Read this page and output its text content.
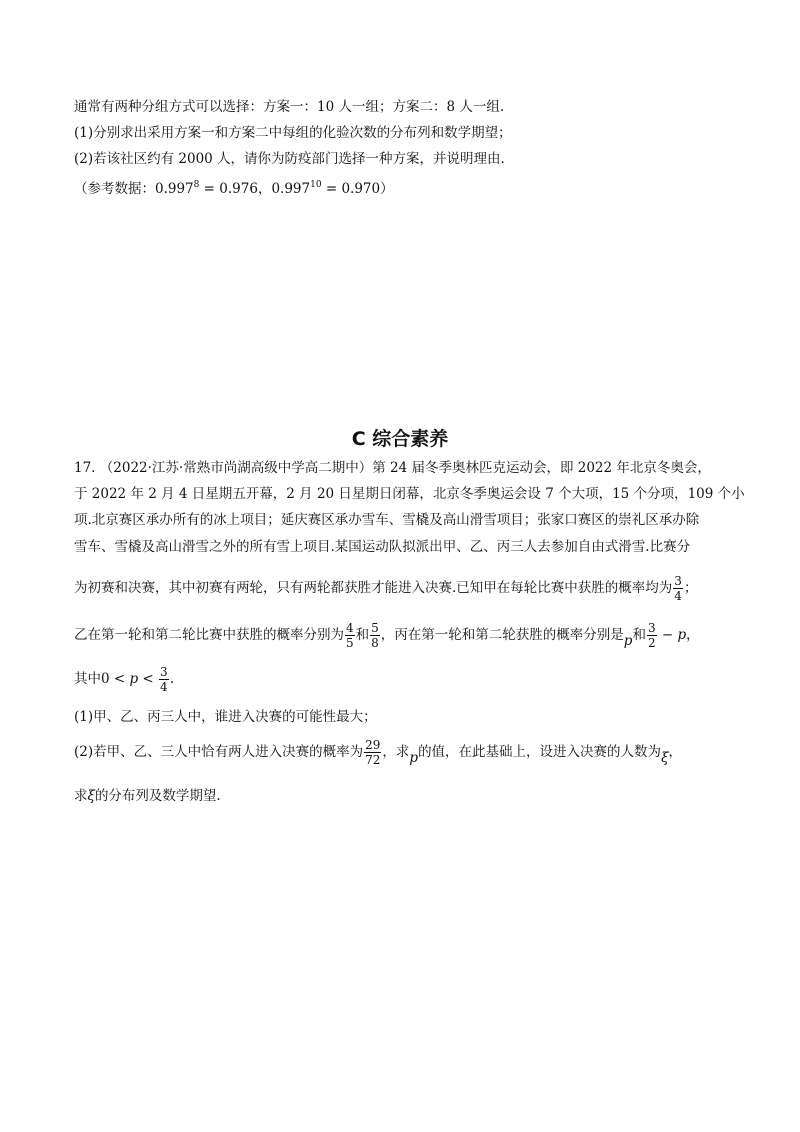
通常有两种分组方式可以选择：方案一：10 人一组；方案二：8 人一组.
(1)分别求出采用方案一和方案二中每组的化验次数的分布列和数学期望；
(2)若该社区约有 2000 人，请你为防疫部门选择一种方案，并说明理由.
（参考数据：$0.997^8 = 0.976$，$0.997^{10} = 0.970$）
C 综合素养
17. （2022·江苏·常熟市尚湖高级中学高二期中）第 24 届冬季奥林匹克运动会，即 2022 年北京冬奥会，
于 2022 年 2 月 4 日星期五开幕，2 月 20 日星期日闭幕，北京冬季奥运会设 7 个大项，15 个分项，109 个小
项.北京赛区承办所有的冰上项目；延庆赛区承办雪车、雪橇及高山滑雪项目；张家口赛区的崇礼区承办除
雪车、雪橇及高山滑雪之外的所有雪上项目.某国运动队拟派出甲、乙、丙三人去参加自由式滑雪.比赛分
为初赛和决赛，其中初赛有两轮，只有两轮都获胜才能进入决赛.已知甲在每轮比赛中获胜的概率均为 $\frac{3}{4}$ ；
乙在第一轮和第二轮比赛中获胜的概率分别为 $\frac{4}{5}$ 和 $\frac{5}{8}$ ，丙在第一轮和第二轮获胜的概率分别是p和 $\frac{3}{2} - p$，
其中$0 < p < \frac{3}{4}$ .
(1)甲、乙、丙三人中，谁进入决赛的可能性最大；
(2)若甲、乙、三人中恰有两人进入决赛的概率为 $\frac{29}{72}$ ，求p的值，在此基础上，设进入决赛的人数为ξ，
求ξ的分布列及数学期望.
